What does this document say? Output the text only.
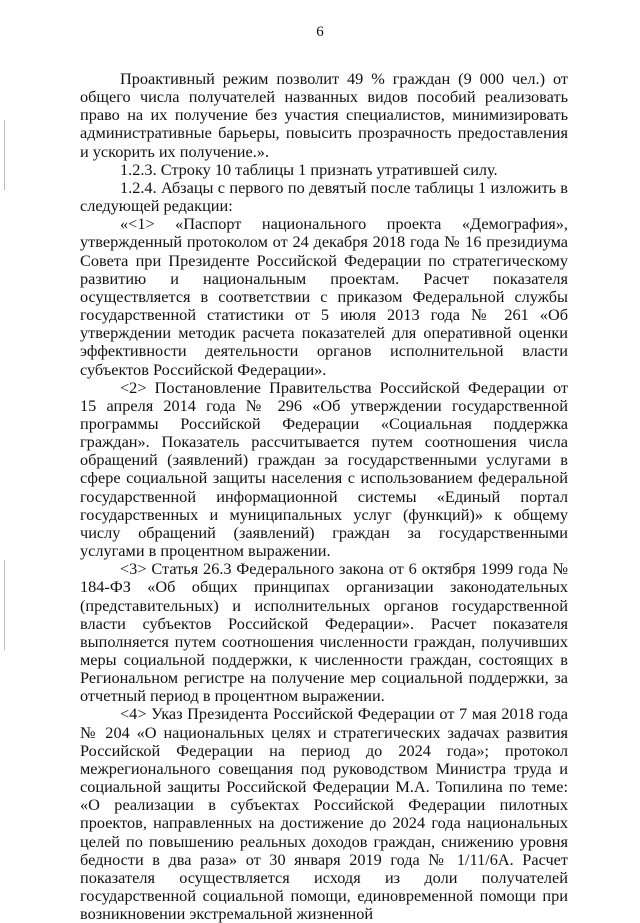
6

Проактивный режим позволит 49 % граждан (9 000 чел.) от общего числа получателей названных видов пособий реализовать право на их получение без участия специалистов, минимизировать административные барьеры, повысить прозрачность предоставления и ускорить их получение.».

1.2.3. Строку 10 таблицы 1 признать утратившей силу.

1.2.4. Абзацы с первого по девятый после таблицы 1 изложить в следующей редакции:

«<1> «Паспорт национального проекта «Демография», утвержденный протоколом от 24 декабря 2018 года № 16 президиума Совета при Президенте Российской Федерации по стратегическому развитию и национальным проектам. Расчет показателя осуществляется в соответствии с приказом Федеральной службы государственной статистики от 5 июля 2013 года № 261 «Об утверждении методик расчета показателей для оперативной оценки эффективности деятельности органов исполнительной власти субъектов Российской Федерации».

<2> Постановление Правительства Российской Федерации от 15 апреля 2014 года № 296 «Об утверждении государственной программы Российской Федерации «Социальная поддержка граждан». Показатель рассчитывается путем соотношения числа обращений (заявлений) граждан за государственными услугами в сфере социальной защиты населения с использованием федеральной государственной информационной системы «Единый портал государственных и муниципальных услуг (функций)» к общему числу обращений (заявлений) граждан за государственными услугами в процентном выражении.

<3> Статья 26.3 Федерального закона от 6 октября 1999 года № 184-ФЗ «Об общих принципах организации законодательных (представительных) и исполнительных органов государственной власти субъектов Российской Федерации». Расчет показателя выполняется путем соотношения численности граждан, получивших меры социальной поддержки, к численности граждан, состоящих в Региональном регистре на получение мер социальной поддержки, за отчетный период в процентном выражении.

<4> Указ Президента Российской Федерации от 7 мая 2018 года № 204 «О национальных целях и стратегических задачах развития Российской Федерации на период до 2024 года»; протокол межрегионального совещания под руководством Министра труда и социальной защиты Российской Федерации М.А. Топилина по теме: «О реализации в субъектах Российской Федерации пилотных проектов, направленных на достижение до 2024 года национальных целей по повышению реальных доходов граждан, снижению уровня бедности в два раза» от 30 января 2019 года № 1/11/6А. Расчет показателя осуществляется исходя из доли получателей государственной социальной помощи, единовременной помощи при возникновении экстремальной жизненной
